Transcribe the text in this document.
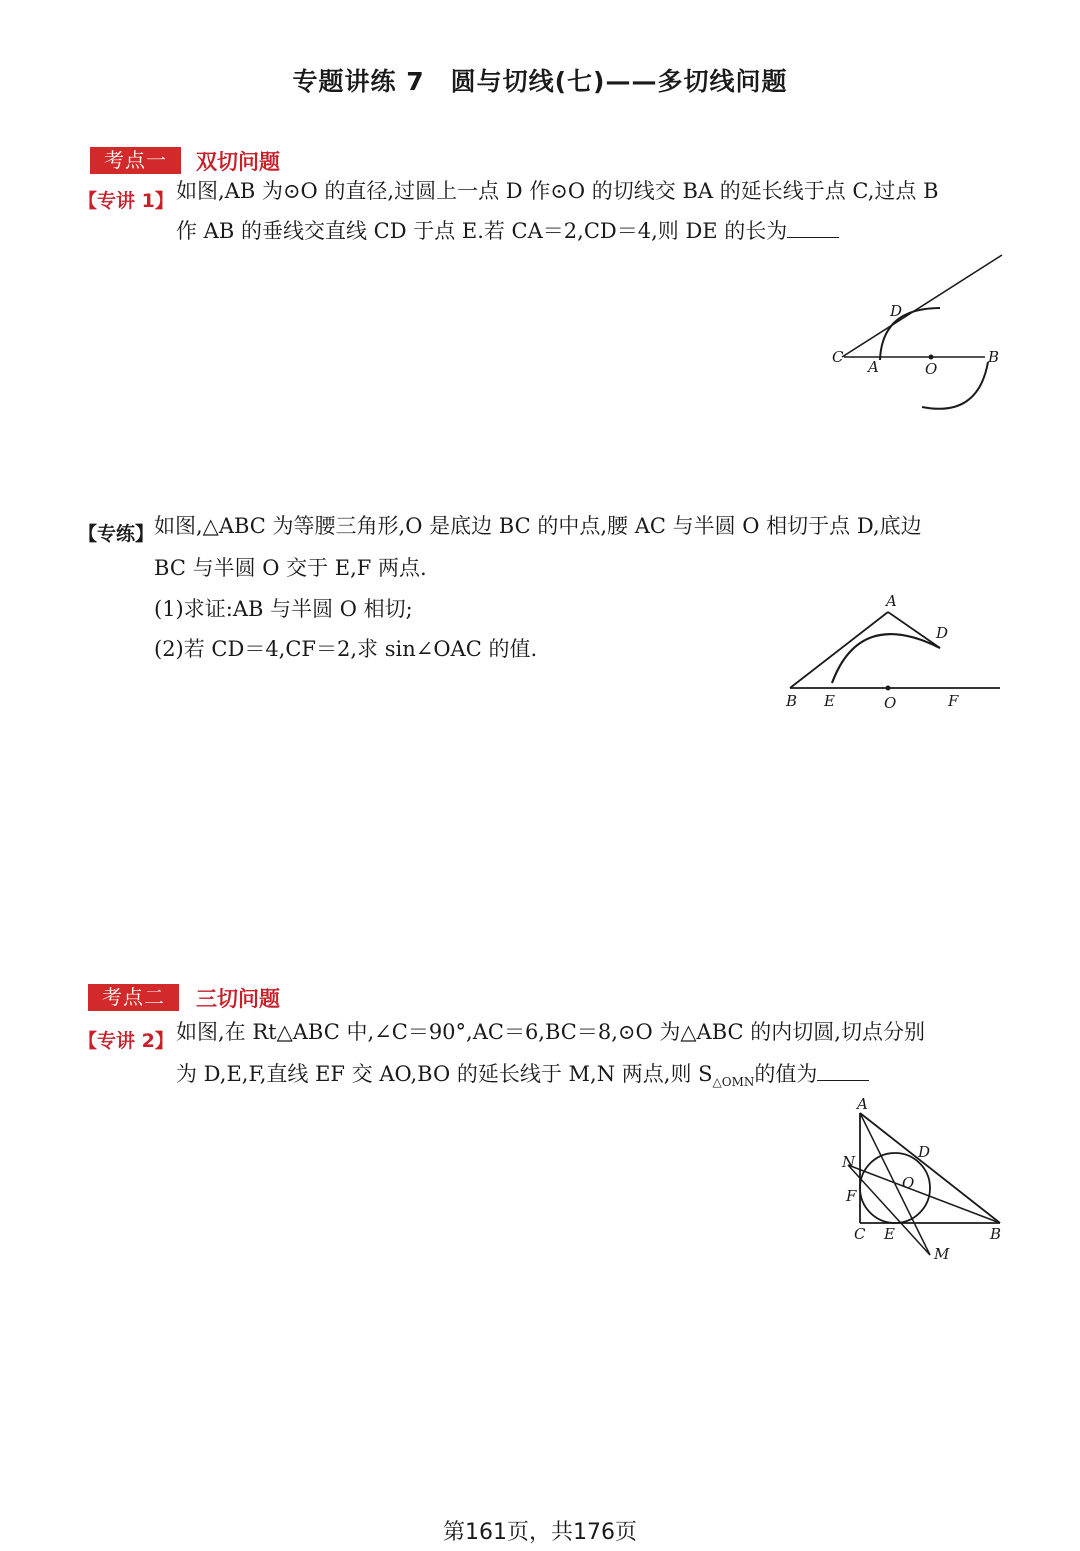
专题讲练 7　圆与切线(七)——多切线问题
考点一	双切问题
【专讲 1】 如图,AB 为⊙O 的直径,过圆上一点 D 作⊙O 的切线交 BA 的延长线于点 C,过点 B
作 AB 的垂线交直线 CD 于点 E.若 CA＝2,CD＝4,则 DE 的长为
C
A	O
B
D
【专练】 如图,△ABC 为等腰三角形,O 是底边 BC 的中点,腰 AC 与半圆 O 相切于点 D,底边
BC 与半圆 O 交于 E,F 两点.
(1)求证:AB 与半圆 O 相切;
(2)若 CD＝4,CF＝2,求 sin∠OAC 的值.
A
D
B E	O	F
考点二	三切问题
【专讲 2】 如图,在 Rt△ABC 中,∠C＝90°,AC＝6,BC＝8,⊙O 为△ABC 的内切圆,切点分别
为 D,E,F,直线 EF 交 AO,BO 的延长线于 M,N 两点,则 $S_{\triangle OMN}$的值为
A
D
N
O
F
C E	B
M
第161页，共176页
